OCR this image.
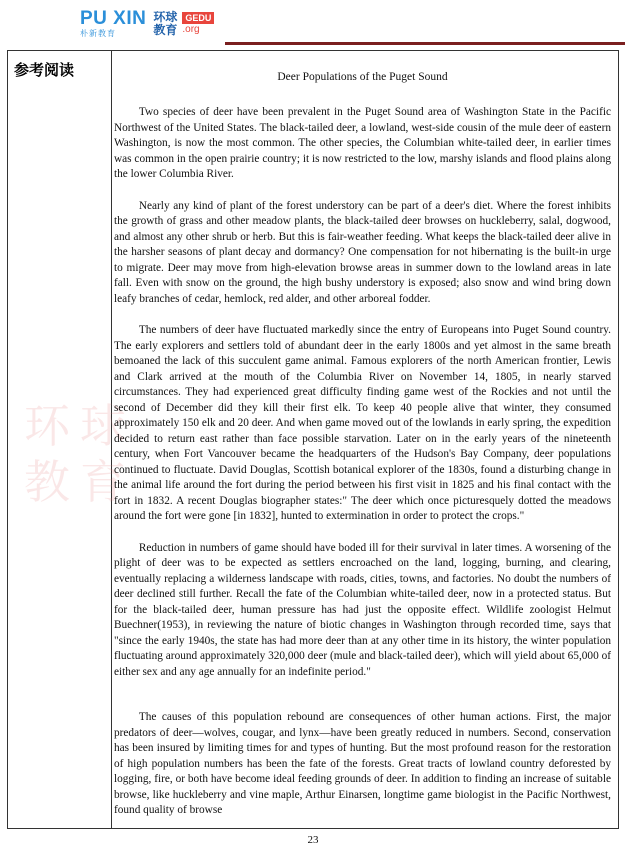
PU XIN
朴新教育
环球教育
GEDU
.org
参考阅读
环球教育
Deer Populations of the Puget Sound

Two species of deer have been prevalent in the Puget Sound area of Washington State in the Pacific Northwest of the United States. The black-tailed deer, a lowland, west-side cousin of the mule deer of eastern Washington, is now the most common. The other species, the Columbian white-tailed deer, in earlier times was common in the open prairie country; it is now restricted to the low, marshy islands and flood plains along the lower Columbia River.

Nearly any kind of plant of the forest understory can be part of a deer's diet. Where the forest inhibits the growth of grass and other meadow plants, the black-tailed deer browses on huckleberry, salal, dogwood, and almost any other shrub or herb. But this is fair-weather feeding. What keeps the black-tailed deer alive in the harsher seasons of plant decay and dormancy? One compensation for not hibernating is the built-in urge to migrate. Deer may move from high-elevation browse areas in summer down to the lowland areas in late fall. Even with snow on the ground, the high bushy understory is exposed; also snow and wind bring down leafy branches of cedar, hemlock, red alder, and other arboreal fodder.

The numbers of deer have fluctuated markedly since the entry of Europeans into Puget Sound country. The early explorers and settlers told of abundant deer in the early 1800s and yet almost in the same breath bemoaned the lack of this succulent game animal. Famous explorers of the north American frontier, Lewis and Clark arrived at the mouth of the Columbia River on November 14, 1805, in nearly starved circumstances. They had experienced great difficulty finding game west of the Rockies and not until the second of December did they kill their first elk. To keep 40 people alive that winter, they consumed approximately 150 elk and 20 deer. And when game moved out of the lowlands in early spring, the expedition decided to return east rather than face possible starvation. Later on in the early years of the nineteenth century, when Fort Vancouver became the headquarters of the Hudson's Bay Company, deer populations continued to fluctuate. David Douglas, Scottish botanical explorer of the 1830s, found a disturbing change in the animal life around the fort during the period between his first visit in 1825 and his final contact with the fort in 1832. A recent Douglas biographer states:" The deer which once picturesquely dotted the meadows around the fort were gone [in 1832], hunted to extermination in order to protect the crops."

Reduction in numbers of game should have boded ill for their survival in later times. A worsening of the plight of deer was to be expected as settlers encroached on the land, logging, burning, and clearing, eventually replacing a wilderness landscape with roads, cities, towns, and factories. No doubt the numbers of deer declined still further. Recall the fate of the Columbian white-tailed deer, now in a protected status. But for the black-tailed deer, human pressure has had just the opposite effect. Wildlife zoologist Helmut Buechner(1953), in reviewing the nature of biotic changes in Washington through recorded time, says that "since the early 1940s, the state has had more deer than at any other time in its history, the winter population fluctuating around approximately 320,000 deer (mule and black-tailed deer), which will yield about 65,000 of either sex and any age annually for an indefinite period."

The causes of this population rebound are consequences of other human actions. First, the major predators of deer—wolves, cougar, and lynx—have been greatly reduced in numbers. Second, conservation has been insured by limiting times for and types of hunting. But the most profound reason for the restoration of high population numbers has been the fate of the forests. Great tracts of lowland country deforested by logging, fire, or both have become ideal feeding grounds of deer. In addition to finding an increase of suitable browse, like huckleberry and vine maple, Arthur Einarsen, longtime game biologist in the Pacific Northwest, found quality of browse

23
